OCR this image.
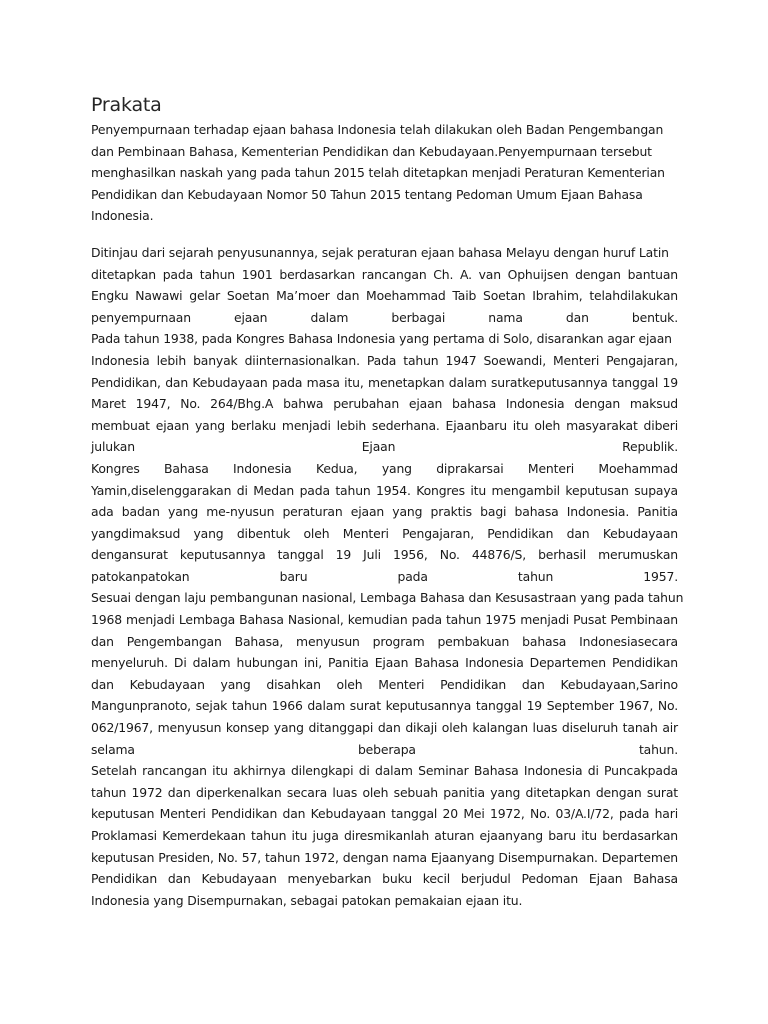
Prakata
Penyempurnaan terhadap ejaan bahasa Indonesia telah dilakukan oleh Badan Pengembangan
dan Pembinaan Bahasa, Kementerian Pendidikan dan Kebudayaan.Penyempurnaan tersebut
menghasilkan naskah yang pada tahun 2015 telah ditetapkan menjadi Peraturan Kementerian
Pendidikan dan Kebudayaan Nomor 50 Tahun 2015 tentang Pedoman Umum Ejaan Bahasa
Indonesia.
Ditinjau dari sejarah penyusunannya, sejak peraturan ejaan bahasa Melayu dengan huruf Latin
ditetapkan pada tahun 1901 berdasarkan rancangan Ch. A. van Ophuijsen dengan bantuan
Engku Nawawi gelar Soetan Ma’moer dan Moehammad Taib Soetan Ibrahim, telahdilakukan
penyempurnaan ejaan dalam berbagai nama dan bentuk.
Pada tahun 1938, pada Kongres Bahasa Indonesia yang pertama di Solo, disarankan agar ejaan
Indonesia lebih banyak diinternasionalkan. Pada tahun 1947 Soewandi, Menteri Pengajaran,
Pendidikan, dan Kebudayaan pada masa itu, menetapkan dalam suratkeputusannya tanggal 19
Maret 1947, No. 264/Bhg.A bahwa perubahan ejaan bahasa Indonesia dengan maksud
membuat ejaan yang berlaku menjadi lebih sederhana. Ejaanbaru itu oleh masyarakat diberi
julukan Ejaan Republik.
Kongres Bahasa Indonesia Kedua, yang diprakarsai Menteri Moehammad
Yamin,diselenggarakan di Medan pada tahun 1954. Kongres itu mengambil keputusan supaya
ada badan yang me-nyusun peraturan ejaan yang praktis bagi bahasa Indonesia. Panitia
yangdimaksud yang dibentuk oleh Menteri Pengajaran, Pendidikan dan Kebudayaan
dengansurat keputusannya tanggal 19 Juli 1956, No. 44876/S, berhasil merumuskan
patokanpatokan baru pada tahun 1957.
Sesuai dengan laju pembangunan nasional, Lembaga Bahasa dan Kesusastraan yang pada tahun
1968 menjadi Lembaga Bahasa Nasional, kemudian pada tahun 1975 menjadi Pusat Pembinaan
dan Pengembangan Bahasa, menyusun program pembakuan bahasa Indonesiasecara
menyeluruh. Di dalam hubungan ini, Panitia Ejaan Bahasa Indonesia Departemen Pendidikan
dan Kebudayaan yang disahkan oleh Menteri Pendidikan dan Kebudayaan,Sarino
Mangunpranoto, sejak tahun 1966 dalam surat keputusannya tanggal 19 September 1967, No.
062/1967, menyusun konsep yang ditanggapi dan dikaji oleh kalangan luas diseluruh tanah air
selama beberapa tahun.
Setelah rancangan itu akhirnya dilengkapi di dalam Seminar Bahasa Indonesia di Puncakpada
tahun 1972 dan diperkenalkan secara luas oleh sebuah panitia yang ditetapkan dengan surat
keputusan Menteri Pendidikan dan Kebudayaan tanggal 20 Mei 1972, No. 03/A.I/72, pada hari
Proklamasi Kemerdekaan tahun itu juga diresmikanlah aturan ejaanyang baru itu berdasarkan
keputusan Presiden, No. 57, tahun 1972, dengan nama Ejaanyang Disempurnakan. Departemen
Pendidikan dan Kebudayaan menyebarkan buku kecil berjudul Pedoman Ejaan Bahasa
Indonesia yang Disempurnakan, sebagai patokan pemakaian ejaan itu.
